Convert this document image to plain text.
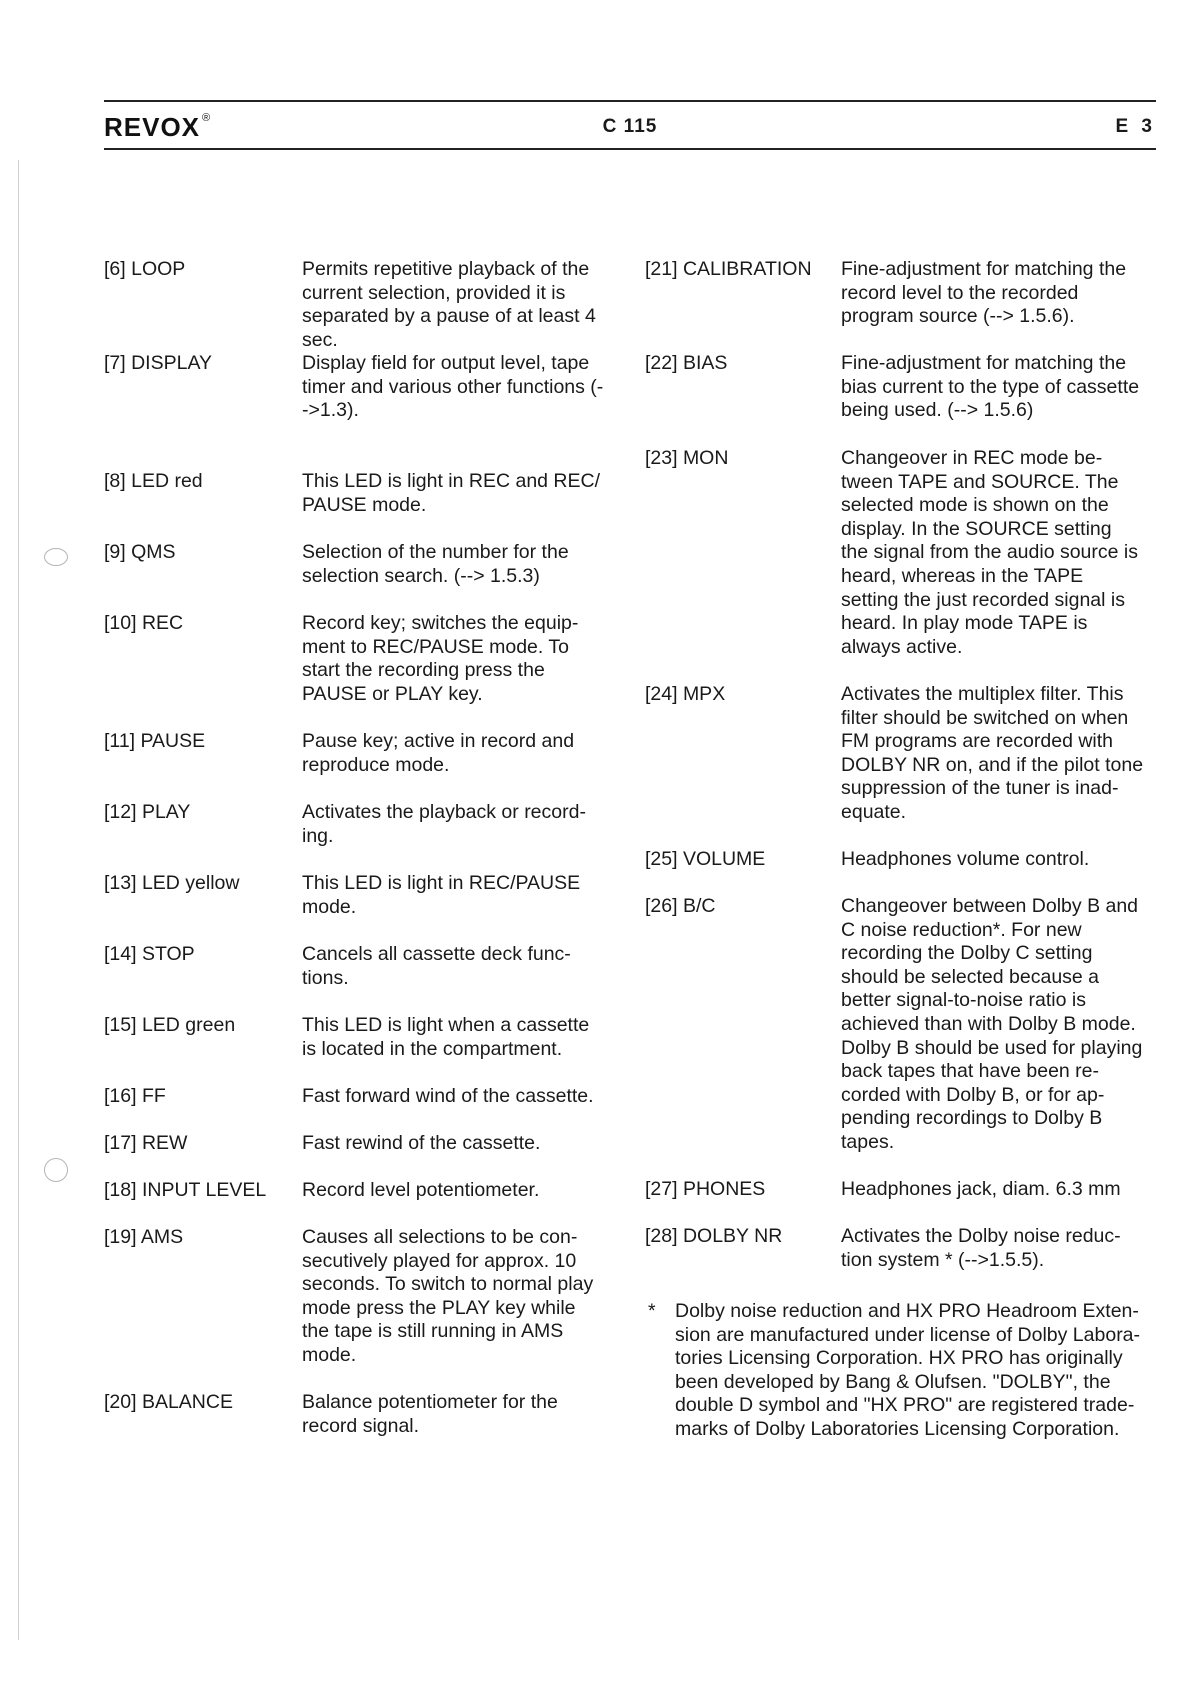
REVOX ®	C 115	E 3
[6] LOOP	Permits repetitive playback of the
current selection, provided it is
separated by a pause of at least 4
sec.
[7] DISPLAY	Display field for output level, tape
timer and various other functions (-
->1.3).
[8] LED red	This LED is light in REC and REC/
PAUSE mode.
[9] QMS	Selection of the number for the
selection search. (--> 1.5.3)
[10] REC	Record key; switches the equip-
ment to REC/PAUSE mode. To
start the recording press the
PAUSE or PLAY key.
[11] PAUSE	Pause key; active in record and
reproduce mode.
[12] PLAY	Activates the playback or record-
ing.
[13] LED yellow	This LED is light in REC/PAUSE
mode.
[14] STOP	Cancels all cassette deck func-
tions.
[15] LED green	This LED is light when a cassette
is located in the compartment.
[16] FF	Fast forward wind of the cassette.
[17] REW	Fast rewind of the cassette.
[18] INPUT LEVEL Record level potentiometer.
[19] AMS	Causes all selections to be con-
secutively played for approx. 10
seconds. To switch to normal play
mode press the PLAY key while
the tape is still running in AMS
mode.
[20] BALANCE	Balance potentiometer for the
record signal.
[21] CALIBRATION Fine-adjustment for matching the
record level to the recorded
program source (--> 1.5.6).
[22] BIAS	Fine-adjustment for matching the
bias current to the type of cassette
being used. (--> 1.5.6)
[23] MON	Changeover in REC mode be-
tween TAPE and SOURCE. The
selected mode is shown on the
display. In the SOURCE setting
the signal from the audio source is
heard, whereas in the TAPE
setting the just recorded signal is
heard. In play mode TAPE is
always active.
[24] MPX	Activates the multiplex filter. This
filter should be switched on when
FM programs are recorded with
DOLBY NR on, and if the pilot tone
suppression of the tuner is inad-
equate.
[25] VOLUME	Headphones volume control.
[26] B/C	Changeover between Dolby B and
C noise reduction*. For new
recording the Dolby C setting
should be selected because a
better signal-to-noise ratio is
achieved than with Dolby B mode.
Dolby B should be used for playing
back tapes that have been re-
corded with Dolby B, or for ap-
pending recordings to Dolby B
tapes.
[27] PHONES	Headphones jack, diam. 6.3 mm
[28] DOLBY NR	Activates the Dolby noise reduc-
tion system * (-->1.5.5).
* Dolby noise reduction and HX PRO Headroom Exten-
sion are manufactured under license of Dolby Labora-
tories Licensing Corporation. HX PRO has originally
been developed by Bang & Olufsen. "DOLBY", the
double D symbol and "HX PRO" are registered trade-
marks of Dolby Laboratories Licensing Corporation.
